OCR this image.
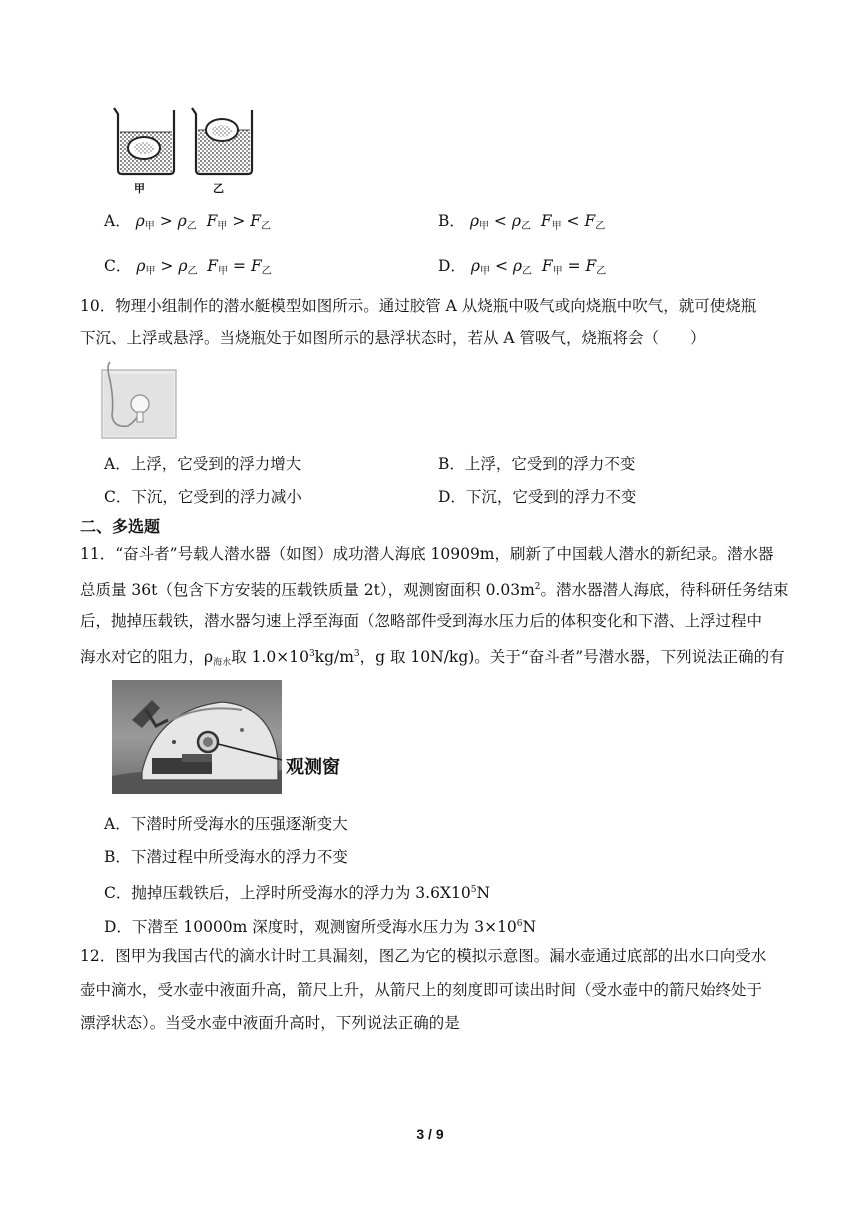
甲	乙
A． ρ甲 > ρ乙 F甲 > F乙	B． ρ甲 < ρ乙 F甲 < F乙
C． ρ甲 > ρ乙 F甲 = F乙	D． ρ甲 < ρ乙 F甲 = F乙
10．物理小组制作的潜水艇模型如图所示。通过胶管 A 从烧瓶中吸气或向烧瓶中吹气，就可使烧瓶
下沉、上浮或悬浮。当烧瓶处于如图所示的悬浮状态时，若从 A 管吸气，烧瓶将会（　　）
A．上浮，它受到的浮力增大	B．上浮，它受到的浮力不变
C．下沉，它受到的浮力减小	D．下沉，它受到的浮力不变
二、多选题
11．“奋斗者”号载人潜水器（如图）成功潜人海底 10909m，刷新了中国载人潜水的新纪录。潜水器
总质量 36t（包含下方安装的压载铁质量 2t），观测窗面积 $0.03m^2$。潜水器潜人海底，待科研任务结束
后，抛掉压载铁，潜水器匀速上浮至海面（忽略部件受到海水压力后的体积变化和下潜、上浮过程中
海水对它的阻力，ρ海水取 $1.0\times 10^3kg/m^3$，g 取 10N/kg)。关于“奋斗者”号潜水器，下列说法正确的有
观测窗
A．下潜时所受海水的压强逐渐变大
B．下潜过程中所受海水的浮力不变
C．抛掉压载铁后，上浮时所受海水的浮力为 $3.6X10^5N$
D．下潜至 10000m 深度时，观测窗所受海水压力为 $3\times 10^6N$
12．图甲为我国古代的滴水计时工具漏刻，图乙为它的模拟示意图。漏水壶通过底部的出水口向受水
壶中滴水，受水壶中液面升高，箭尺上升，从箭尺上的刻度即可读出时间（受水壶中的箭尺始终处于
漂浮状态）。当受水壶中液面升高时，下列说法正确的是
3 / 9
